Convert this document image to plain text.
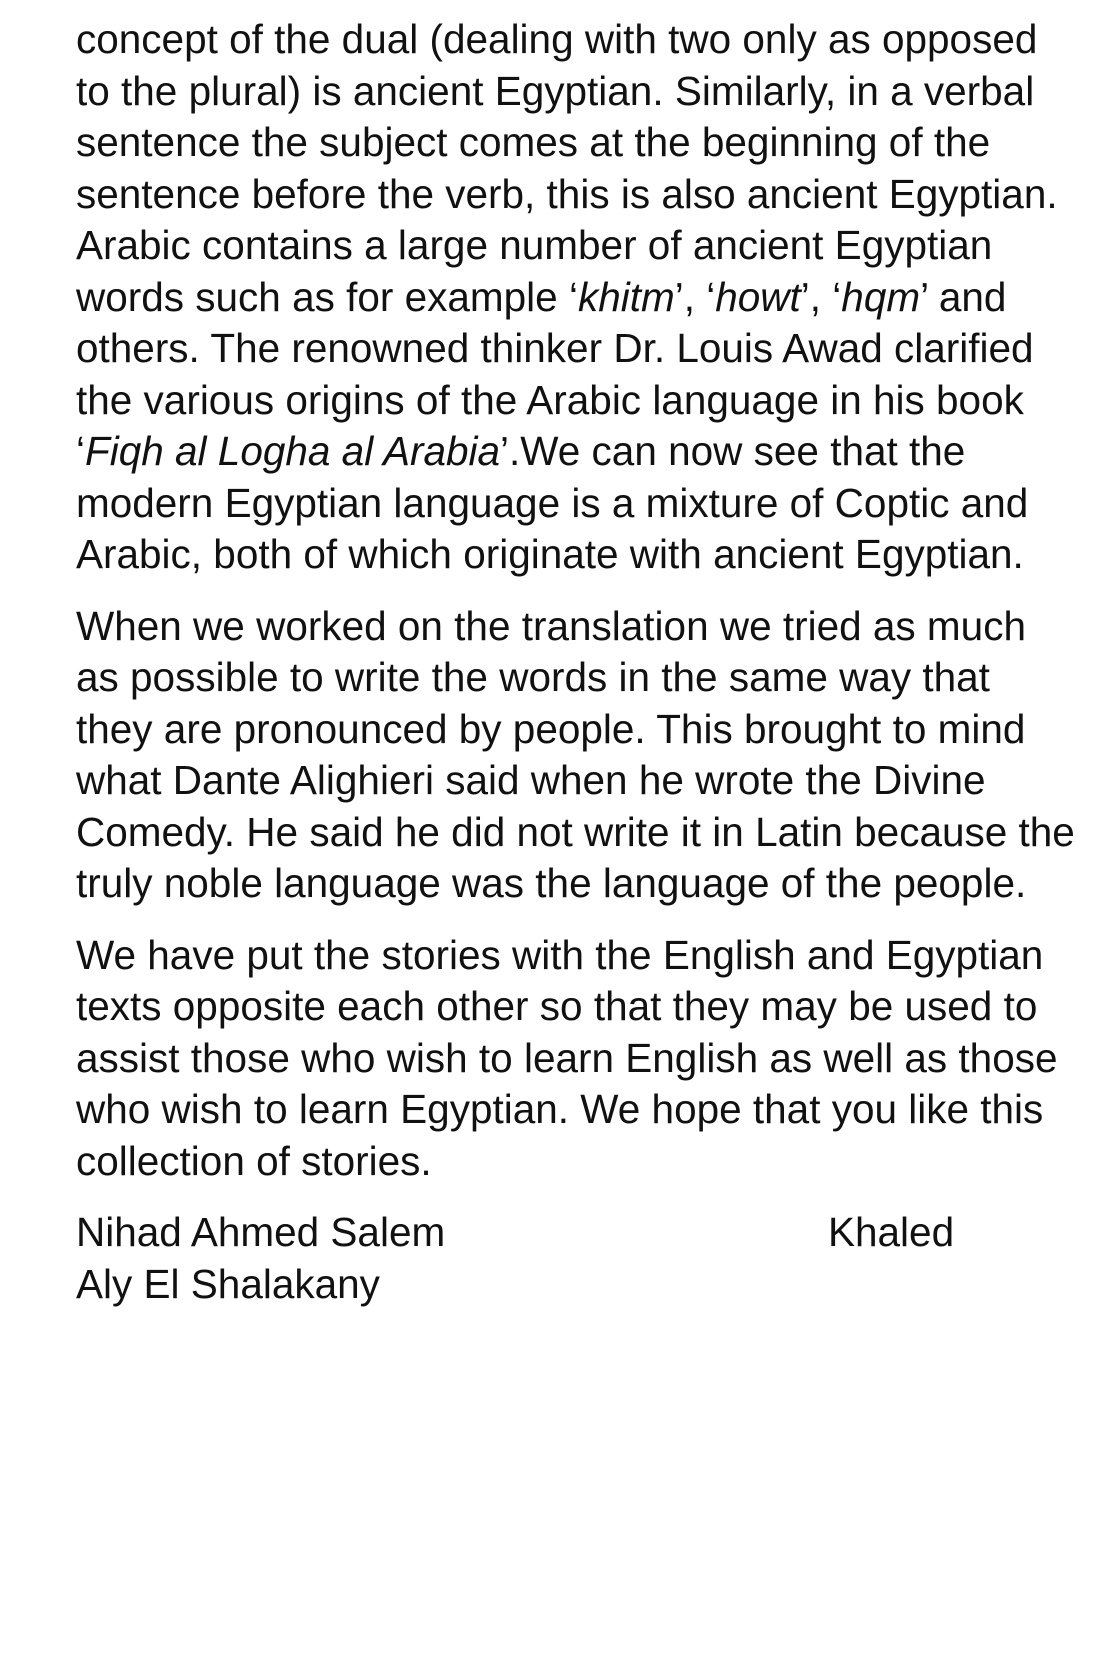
concept of the dual (dealing with two only as opposed to the plural) is ancient Egyptian. Similarly, in a verbal sentence the subject comes at the beginning of the sentence before the verb, this is also ancient Egyptian. Arabic contains a large number of ancient Egyptian words such as for example ‘khitm’, ‘howt’, ‘hqm’ and others. The renowned thinker Dr. Louis Awad clarified the various origins of the Arabic language in his book ‘Fiqh al Logha al Arabia’.We can now see that the modern Egyptian language is a mixture of Coptic and Arabic, both of which originate with ancient Egyptian.

When we worked on the translation we tried as much as possible to write the words in the same way that they are pronounced by people. This brought to mind what Dante Alighieri said when he wrote the Divine Comedy. He said he did not write it in Latin because the truly noble language was the language of the people.

We have put the stories with the English and Egyptian texts opposite each other so that they may be used to assist those who wish to learn English as well as those who wish to learn Egyptian. We hope that you like this collection of stories.

Nihad Ahmed Salem	Khaled
Aly El Shalakany
